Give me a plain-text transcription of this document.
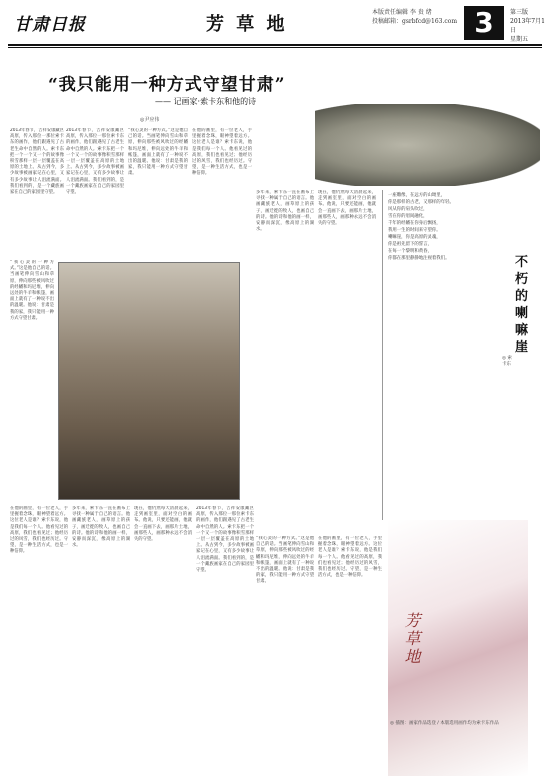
甘肃日报	芳 草 地
本版责任编辑 李 贵 绪
投稿邮箱：gsrbfcd@163.com 3	第三版
2013年7月1日
星期五
“我只能用一种方式守望甘肃”
—— 记画家·索卡东和他的诗
◎尹应伟
2013年春节，吉祥安康藏区高原，传入那位一那位索卡东的画作，他们跟遇见了古老生命中自然的人。索卡东把一个一个又一个的故事像积雪那样一层一层覆盖在高原的土地上。从古到今，多少故事被画家记在心里，又有多少故事让人泪流满面。我们看到的，是一个藏族画家在自己的家园里守望。
2013年春节，吉祥安康藏区高原，传入那位一那位索卡东的画作，他们跟遇见了古老生命中自然的人。索卡东把一个一个又一个的故事像积雪那样一层一层覆盖在高原的土地上。从古到今，多少故事被画家记在心里，又有多少故事让人泪流满面。我们看到的，是一个藏族画家在自己的家园里守望。
“我心灵的一种方式。”这是他自己的话。当画笔伸向雪山和草原，伸向那些被风吹过的经幡和玛尼堆，伸向远处的牛羊和帐篷，画面上就有了一种说不出的温暖。他说：甘肃是我的家，我只能用一种方式守望甘肃。
在他的画里，有一位老人，手里握着念珠，眼神望着远方。这位老人是谁？索卡东说，他是我们每一个人。他看见过的高原，我们也看见过；他经历过的风雪，我们也经历过。守望，是一种生活方式，也是一种信仰。
多年来，索卡东一直在画布上寻找一种属于自己的语言。他画藏族老人，画草原上的孩子，画迁徙的牧人，也画自己的诗。他的诗和他的画一样，安静而深沉，像高原上的湖水。
现在，他仍然每天清晨起来，走到画室里，面对空白的画布。他说，只要还能画，他就会一直画下去，画那片土地，画那些人，画那种永远不会消失的守望。
“我心灵的一种方式。”这是他自己的话。当画笔伸向雪山和草原，伸向那些被风吹过的经幡和玛尼堆，伸向远处的牛羊和帐篷，画面上就有了一种说不出的温暖。他说：甘肃是我的家，我只能用一种方式守望甘肃。
在他的画里，有一位老人，手里握着念珠，眼神望着远方。这位老人是谁？索卡东说，他是我们每一个人。他看见过的高原，我们也看见过；他经历过的风雪，我们也经历过。守望，是一种生活方式，也是一种信仰。
多年来，索卡东一直在画布上寻找一种属于自己的语言。他画藏族老人，画草原上的孩子，画迁徙的牧人，也画自己的诗。他的诗和他的画一样，安静而深沉，像高原上的湖水。
现在，他仍然每天清晨起来，走到画室里，面对空白的画布。他说，只要还能画，他就会一直画下去，画那片土地，画那些人，画那种永远不会消失的守望。
2013年春节，吉祥安康藏区高原，传入那位一那位索卡东的画作，他们跟遇见了古老生命中自然的人。索卡东把一个一个又一个的故事像积雪那样一层一层覆盖在高原的土地上。从古到今，多少故事被画家记在心里，又有多少故事让人泪流满面。我们看到的，是一个藏族画家在自己的家园里守望。
“我心灵的一种方式。”这是他自己的话。当画笔伸向雪山和草原，伸向那些被风吹过的经幡和玛尼堆，伸向远处的牛羊和帐篷，画面上就有了一种说不出的温暖。他说：甘肃是我的家，我只能用一种方式守望甘肃。
在他的画里，有一位老人，手里握着念珠，眼神望着远方。这位老人是谁？索卡东说，他是我们每一个人。他看见过的高原，我们也看见过；他经历过的风雪，我们也经历过。守望，是一种生活方式，也是一种信仰。
一座雕像，在远方的山坳里，
你是那样的古老，又那样的年轻。
风从你的肩头吹过，
雪在你的眉间融化，
千年的经幡在你身后飘扬，
我用一生的时间来守望你。
喇嘛崖，你是高原的灵魂，
你是祖先留下的誓言，
在每一个黎明和黄昏，
你都在那里静静地注视着我们。	不朽的喇嘛崖
◎ 索卡东
芳草地
◎ 插图：画家作品选登 / 本版选用画作均为索卡东作品
